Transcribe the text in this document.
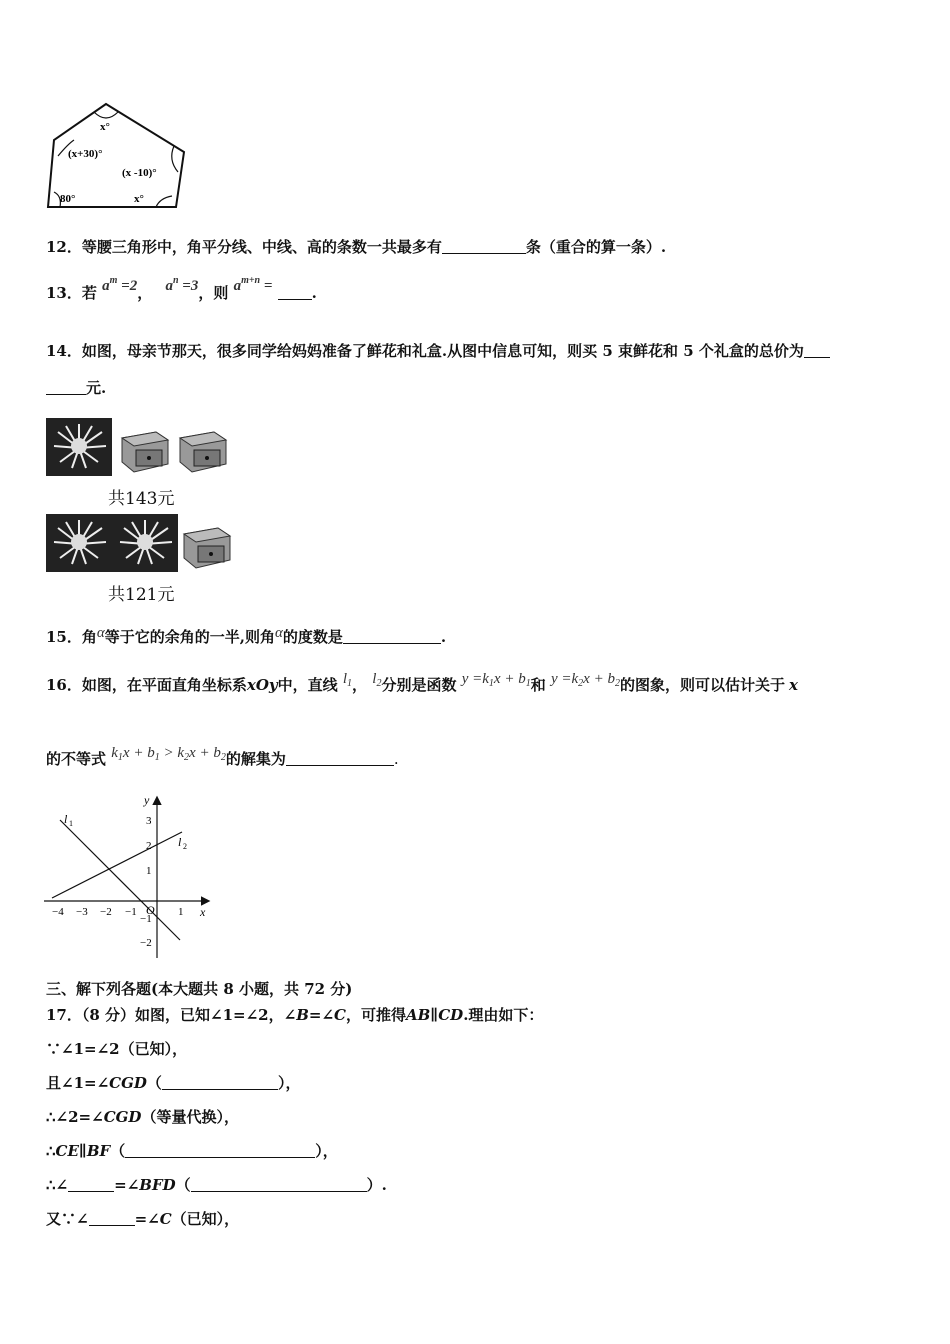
x°
(x+30)°
(x -10)°
80°	x°
12．等腰三角形中，角平分线、中线、高的条数一共最多有	条（重合的算一条）.
13．若 $a^m =2$， $a^n =3$，则 $a^{m+n}$ =	.
14．如图，母亲节那天，很多同学给妈妈准备了鲜花和礼盒.从图中信息可知，则买 5 束鲜花和 5 个礼盒的总价为
元.
共143元
共121元
15．角α等于它的余角的一半,则角α的度数是	.
16．如图，在平面直角坐标系xOy中，直线 $l_1$， $l_2$分别是函数 $y =k_1x + b_1$和 $y =k_2x + b_2$的图象，则可以估计关于 x
的不等式 $k_1x + b_1 > k_2x + b_2$的解集为	.
l 1
l 2
y
x
O
−4 −3 −2 −1	1
3
2
1
−1
−2
三、解下列各题(本大题共 8 小题，共 72 分)
17．（8 分）如图，已知∠1=∠2，∠B=∠C，可推得AB∥CD.理由如下：
∵∠1=∠2（已知），
且∠1=∠CGD（	），
∴∠2=∠CGD（等量代换），
∴CE∥BF（	），
∴∠	=∠BFD（	）.
又∵∠	=∠C（已知），
